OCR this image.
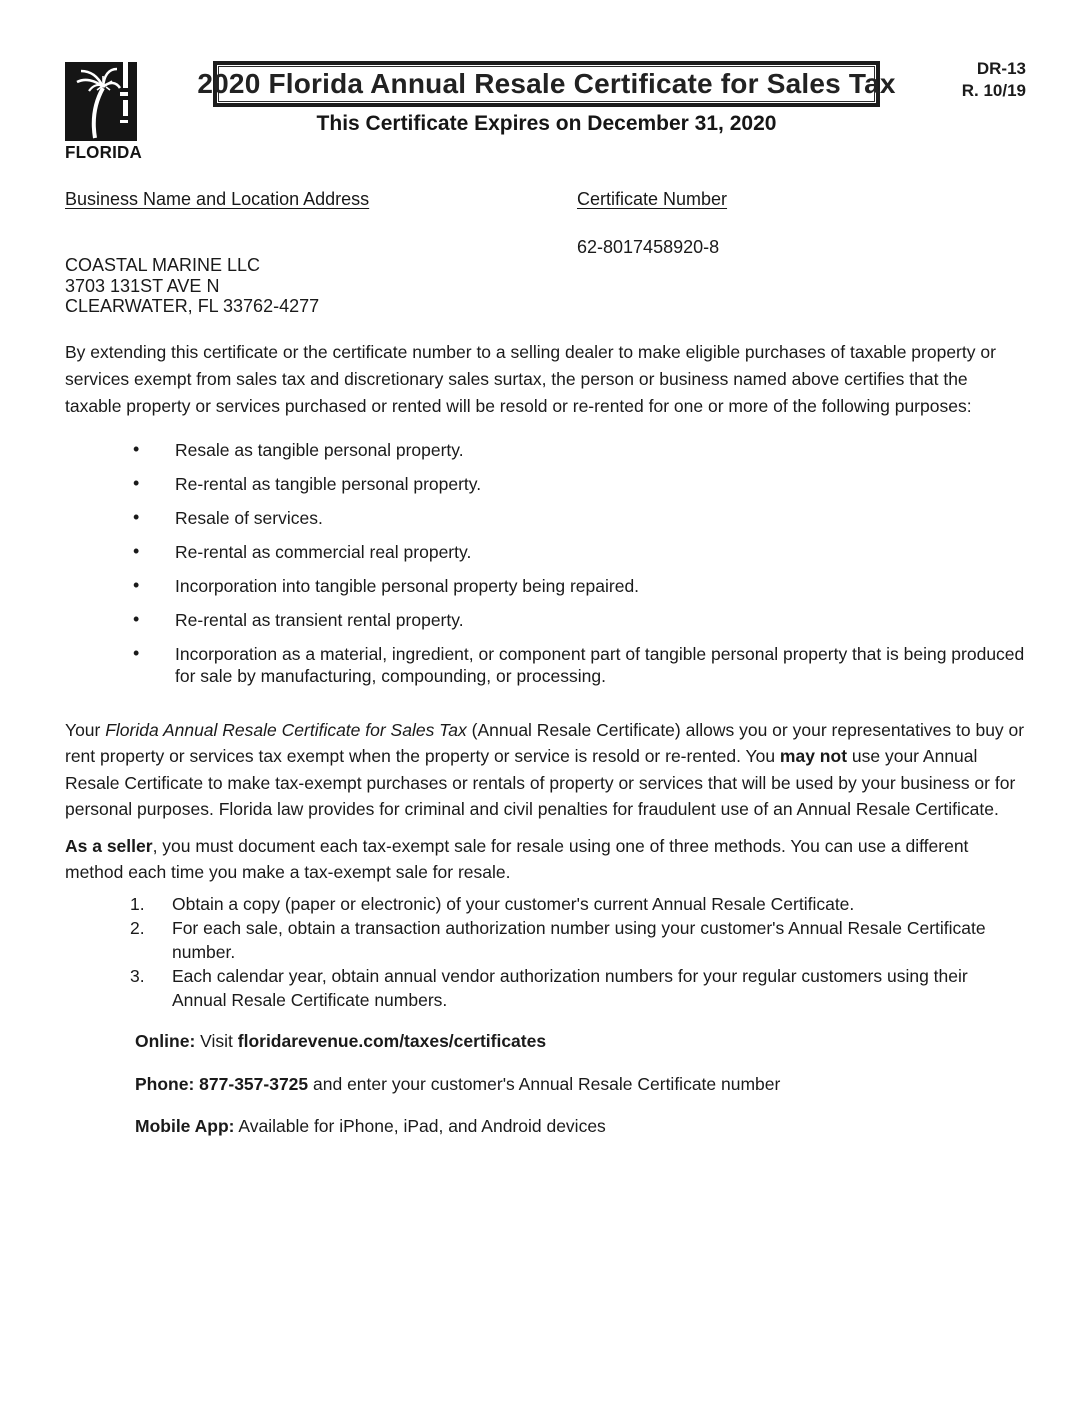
FLORIDA
2020 Florida Annual Resale Certificate for Sales Tax	DR-13
R. 10/19
This Certificate Expires on December 31, 2020
Business Name and Location Address
COASTAL MARINE LLC
3703 131ST AVE N
CLEARWATER, FL 33762-4277
Certificate Number
62-8017458920-8

By extending this certificate or the certificate number to a selling dealer to make eligible purchases of taxable property or services exempt from sales tax and discretionary sales surtax, the person or business named above certifies that the taxable property or services purchased or rented will be resold or re-rented for one or more of the following purposes:

• Resale as tangible personal property.
• Re-rental as tangible personal property.
• Resale of services.
• Re-rental as commercial real property.
• Incorporation into tangible personal property being repaired.
• Re-rental as transient rental property.
• Incorporation as a material, ingredient, or component part of tangible personal property that is being produced for sale by manufacturing, compounding, or processing.

Your Florida Annual Resale Certificate for Sales Tax (Annual Resale Certificate) allows you or your representatives to buy or rent property or services tax exempt when the property or service is resold or re-rented. You may not use your Annual Resale Certificate to make tax-exempt purchases or rentals of property or services that will be used by your business or for personal purposes. Florida law provides for criminal and civil penalties for fraudulent use of an Annual Resale Certificate.

As a seller, you must document each tax-exempt sale for resale using one of three methods. You can use a different method each time you make a tax-exempt sale for resale.

1. Obtain a copy (paper or electronic) of your customer's current Annual Resale Certificate.
2. For each sale, obtain a transaction authorization number using your customer's Annual Resale Certificate number.
3. Each calendar year, obtain annual vendor authorization numbers for your regular customers using their Annual Resale Certificate numbers.
Online: Visit floridarevenue.com/taxes/certificates
Phone: 877-357-3725 and enter your customer's Annual Resale Certificate number
Mobile App: Available for iPhone, iPad, and Android devices
